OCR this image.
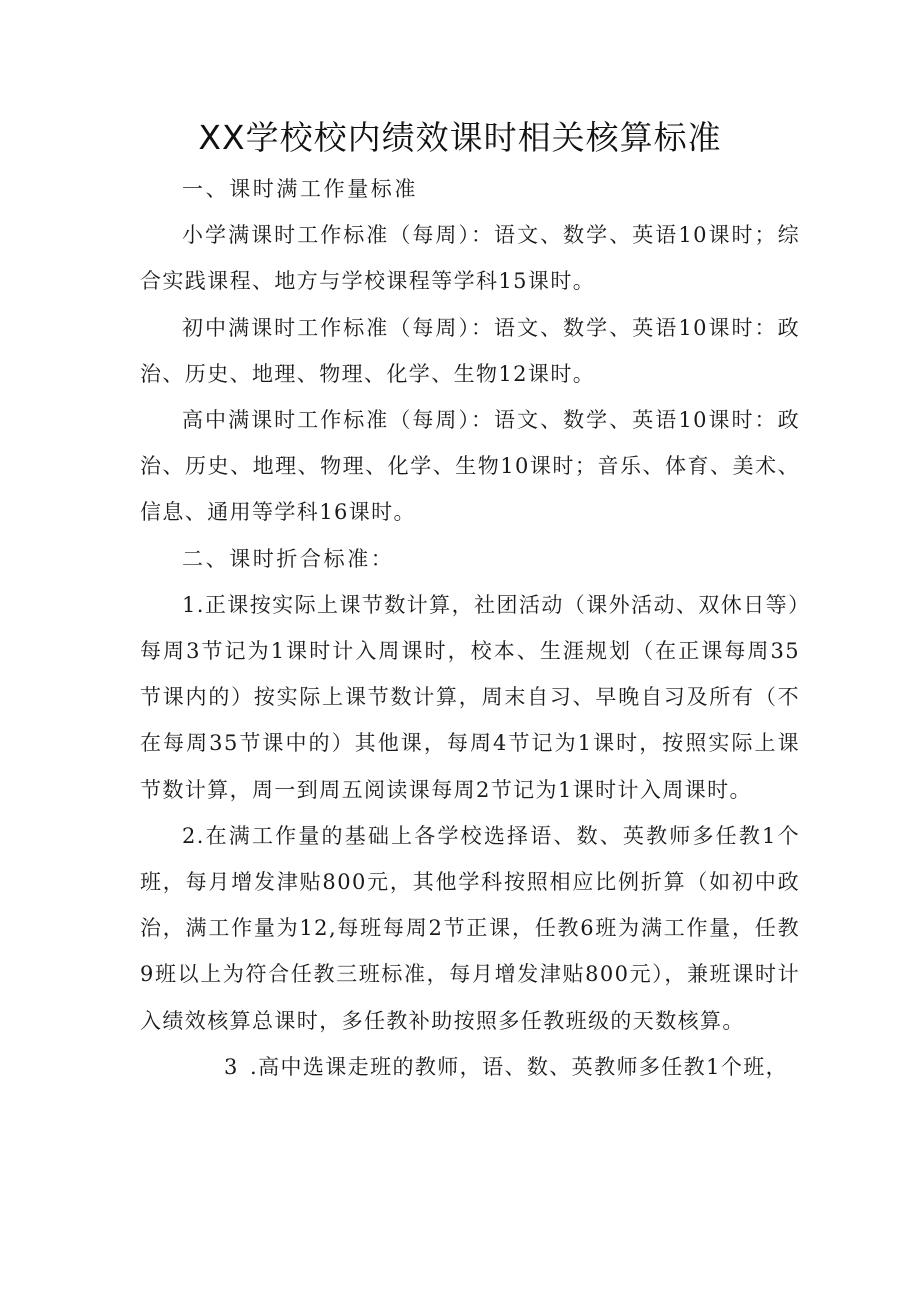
XX学校校内绩效课时相关核算标准

一、课时满工作量标准

小学满课时工作标准（每周）：语文、数学、英语10课时；综合实践课程、地方与学校课程等学科15课时。

初中满课时工作标准（每周）：语文、数学、英语10课时：政治、历史、地理、物理、化学、生物12课时。

高中满课时工作标准（每周）：语文、数学、英语10课时：政治、历史、地理、物理、化学、生物10课时；音乐、体育、美术、信息、通用等学科16课时。

二、课时折合标准：

1.正课按实际上课节数计算，社团活动（课外活动、双休日等）每周3节记为1课时计入周课时，校本、生涯规划（在正课每周35节课内的）按实际上课节数计算，周末自习、早晚自习及所有（不在每周35节课中的）其他课，每周4节记为1课时，按照实际上课节数计算，周一到周五阅读课每周2节记为1课时计入周课时。

2.在满工作量的基础上各学校选择语、数、英教师多任教1个班，每月增发津贴800元，其他学科按照相应比例折算（如初中政治，满工作量为12,每班每周2节正课，任教6班为满工作量，任教9班以上为符合任教三班标准，每月增发津贴800元），兼班课时计入绩效核算总课时，多任教补助按照多任教班级的天数核算。

3 .高中选课走班的教师，语、数、英教师多任教1个班，
